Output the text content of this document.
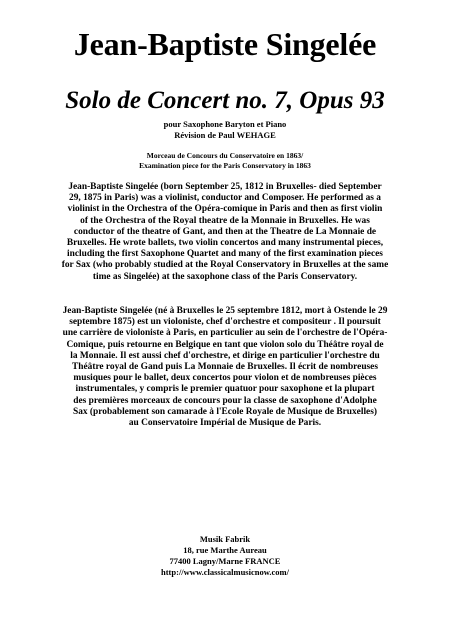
Jean-Baptiste Singelée
Solo de Concert no. 7, Opus 93
pour Saxophone Baryton et Piano
Révision de Paul WEHAGE
Morceau de Concours du Conservatoire en 1863/
Examination piece for the Paris Conservatory in 1863
Jean-Baptiste Singelée (born September 25, 1812 in Bruxelles- died September
29, 1875 in Paris) was a violinist, conductor and Composer. He performed as a
violinist in the Orchestra of the Opéra-comique in Paris and then as first violin
of the Orchestra of the Royal theatre de la Monnaie in Bruxelles. He was
conductor of the theatre of Gant, and then at the Theatre de La Monnaie de
Bruxelles. He wrote ballets, two violin concertos and many instrumental pieces,
including the first Saxophone Quartet and many of the first examination pieces
for Sax (who probably studied at the Royal Conservatory in Bruxelles at the same
time as Singelée) at the saxophone class of the Paris Conservatory.
Jean-Baptiste Singelée (né à Bruxelles le 25 septembre 1812, mort à Ostende le 29
septembre 1875) est un violoniste, chef d'orchestre et compositeur . Il poursuit
une carrière de violoniste à Paris, en particulier au sein de l'orchestre de l'Opéra-
Comique, puis retourne en Belgique en tant que violon solo du Théâtre royal de
la Monnaie. Il est aussi chef d'orchestre, et dirige en particulier l'orchestre du
Théâtre royal de Gand puis La Monnaie de Bruxelles. Il écrit de nombreuses
musiques pour le ballet, deux concertos pour violon et de nombreuses pièces
instrumentales, y compris le premier quatuor pour saxophone et la plupart
des premières morceaux de concours pour la classe de saxophone d'Adolphe
Sax (probablement son camarade à l'Ecole Royale de Musique de Bruxelles)
au Conservatoire Impérial de Musique de Paris.
Musik Fabrik
18, rue Marthe Aureau
77400 Lagny/Marne FRANCE
http://www.classicalmusicnow.com/
